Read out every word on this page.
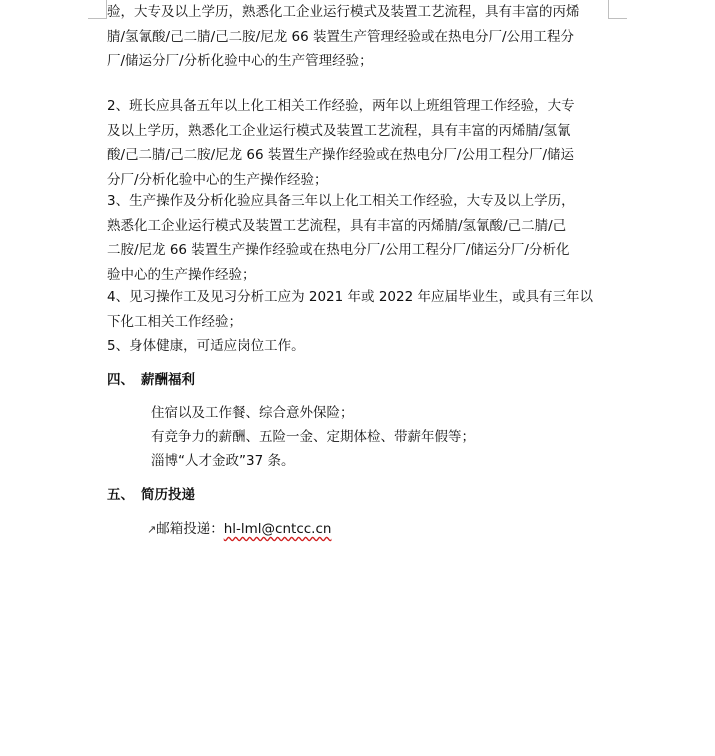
验，大专及以上学历，熟悉化工企业运行模式及装置工艺流程，具有丰富的丙烯
腈/氢氰酸/己二腈/己二胺/尼龙 66 装置生产管理经验或在热电分厂/公用工程分
厂/储运分厂/分析化验中心的生产管理经验；
2、班长应具备五年以上化工相关工作经验，两年以上班组管理工作经验，大专
及以上学历，熟悉化工企业运行模式及装置工艺流程，具有丰富的丙烯腈/氢氰
酸/己二腈/己二胺/尼龙 66 装置生产操作经验或在热电分厂/公用工程分厂/储运
分厂/分析化验中心的生产操作经验；
3、生产操作及分析化验应具备三年以上化工相关工作经验，大专及以上学历，
熟悉化工企业运行模式及装置工艺流程，具有丰富的丙烯腈/氢氰酸/己二腈/己
二胺/尼龙 66 装置生产操作经验或在热电分厂/公用工程分厂/储运分厂/分析化
验中心的生产操作经验；
4、见习操作工及见习分析工应为 2021 年或 2022 年应届毕业生，或具有三年以
下化工相关工作经验；
5、身体健康，可适应岗位工作。
四、 薪酬福利
住宿以及工作餐、综合意外保险；
有竞争力的薪酬、五险一金、定期体检、带薪年假等；
淄博“人才金政”37 条。
五、 简历投递
↗邮箱投递：hl-lml@cntcc.cn
